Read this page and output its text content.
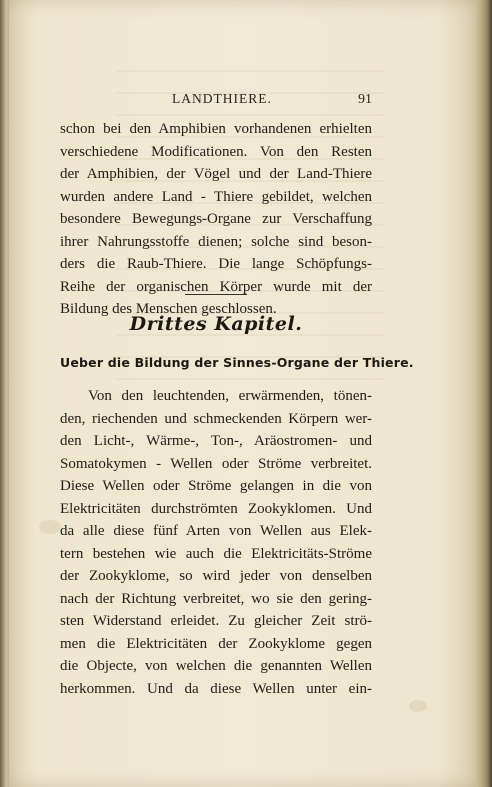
LANDTHIERE.	91
schon bei den Amphibien vorhandenen erhielten
verschiedene Modificationen. Von den Resten
der Amphibien, der Vögel und der Land-Thiere
wurden andere Land - Thiere gebildet, welchen
besondere Bewegungs-Organe zur Verschaffung
ihrer Nahrungsstoffe dienen; solche sind beson-
ders die Raub-Thiere. Die lange Schöpfungs-
Reihe der organischen Körper wurde mit der
Bildung des Menschen geschlossen.
Drittes Kapitel.
Ueber die Bildung der Sinnes-Organe der Thiere.
Von den leuchtenden, erwärmenden, tönen-
den, riechenden und schmeckenden Körpern wer-
den Licht-, Wärme-, Ton-, Aräostromen- und
Somatokymen - Wellen oder Ströme verbreitet.
Diese Wellen oder Ströme gelangen in die von
Elektricitäten durchströmten Zookyklomen. Und
da alle diese fünf Arten von Wellen aus Elek-
tern bestehen wie auch die Elektricitäts-Ströme
der Zookyklome, so wird jeder von denselben
nach der Richtung verbreitet, wo sie den gering-
sten Widerstand erleidet. Zu gleicher Zeit strö-
men die Elektricitäten der Zookyklome gegen
die Objecte, von welchen die genannten Wellen
herkommen. Und da diese Wellen unter ein-
